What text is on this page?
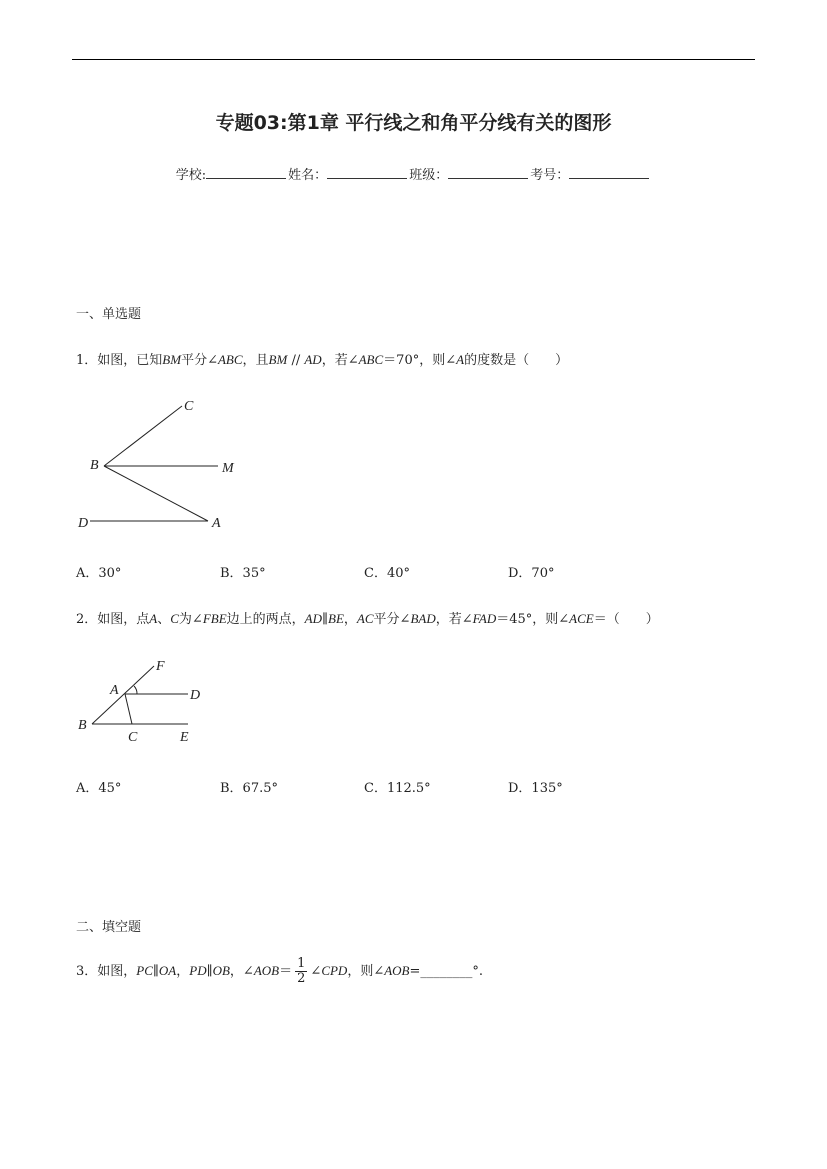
专题03:第1章 平行线之和角平分线有关的图形
学校:	姓名：	班级：	考号：
一、单选题
1．如图，已知BM平分∠ABC，且BM // AD，若∠ABC＝70°，则∠A的度数是（　　）
C
B	M
D	A
A．30°	B．35°	C．40°	D．70°
2．如图，点A、C为∠FBE边上的两点，AD∥BE，AC平分∠BAD，若∠FAD＝45°，则∠ACE＝（　　）
F
A	D
B
C	E
A．45°	B．67.5°	C．112.5°	D．135°
二、填空题
3．如图，PC∥OA，PD∥OB，∠AOB＝ $\frac{1}{2}$ ∠CPD，则∠AOB=________°.
